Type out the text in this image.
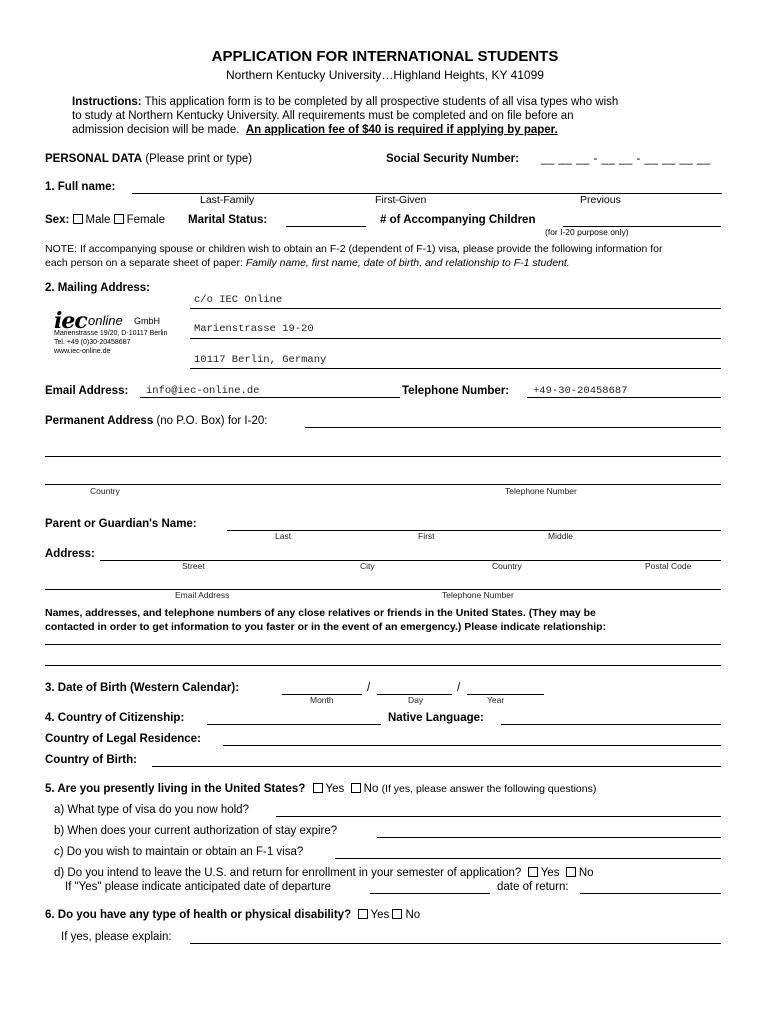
APPLICATION FOR INTERNATIONAL STUDENTS
Northern Kentucky University…Highland Heights, KY 41099
Instructions: This application form is to be completed by all prospective students of all visa types who wish
to study at Northern Kentucky University. All requirements must be completed and on file before an
admission decision will be made. An application fee of $40 is required if applying by paper.
PERSONAL DATA (Please print or type)	Social Security Number: __ __ __ - __ __ - __ __ __ __
1. Full name:
Last-Family	First-Given	Previous
Sex: Male Female Marital Status:	# of Accompanying Children
(for I-20 purpose only)
NOTE: If accompanying spouse or children wish to obtain an F-2 (dependent of F-1) visa, please provide the following information for
each person on a separate sheet of paper: Family name, first name, date of birth, and relationship to F-1 student.
2. Mailing Address:
c/o IEC Online
Marienstrasse 19-20
10117 Berlin, Germany
iec online GmbH
Marienstrasse 19/20, D-10117 Berlin
Tel. +49 (0)30-20458687
www.iec-online.de
Email Address: info@iec-online.de	Telephone Number: +49-30-20458687
Permanent Address (no P.O. Box) for I-20:
Country	Telephone Number
Parent or Guardian's Name:
Last	First	Middle
Address:
Street	City	Country	Postal Code
Email Address	Telephone Number
Names, addresses, and telephone numbers of any close relatives or friends in the United States. (They may be
contacted in order to get information to you faster or in the event of an emergency.) Please indicate relationship:
3. Date of Birth (Western Calendar):	/	/
Month	Day	Year
4. Country of Citizenship:	Native Language:
Country of Legal Residence:
Country of Birth:
5. Are you presently living in the United States? Yes No (If yes, please answer the following questions)
a) What type of visa do you now hold?
b) When does your current authorization of stay expire?
c) Do you wish to maintain or obtain an F-1 visa?
d) Do you intend to leave the U.S. and return for enrollment in your semester of application? Yes No
If "Yes" please indicate anticipated date of departure	date of return:
6. Do you have any type of health or physical disability? Yes No
If yes, please explain:
